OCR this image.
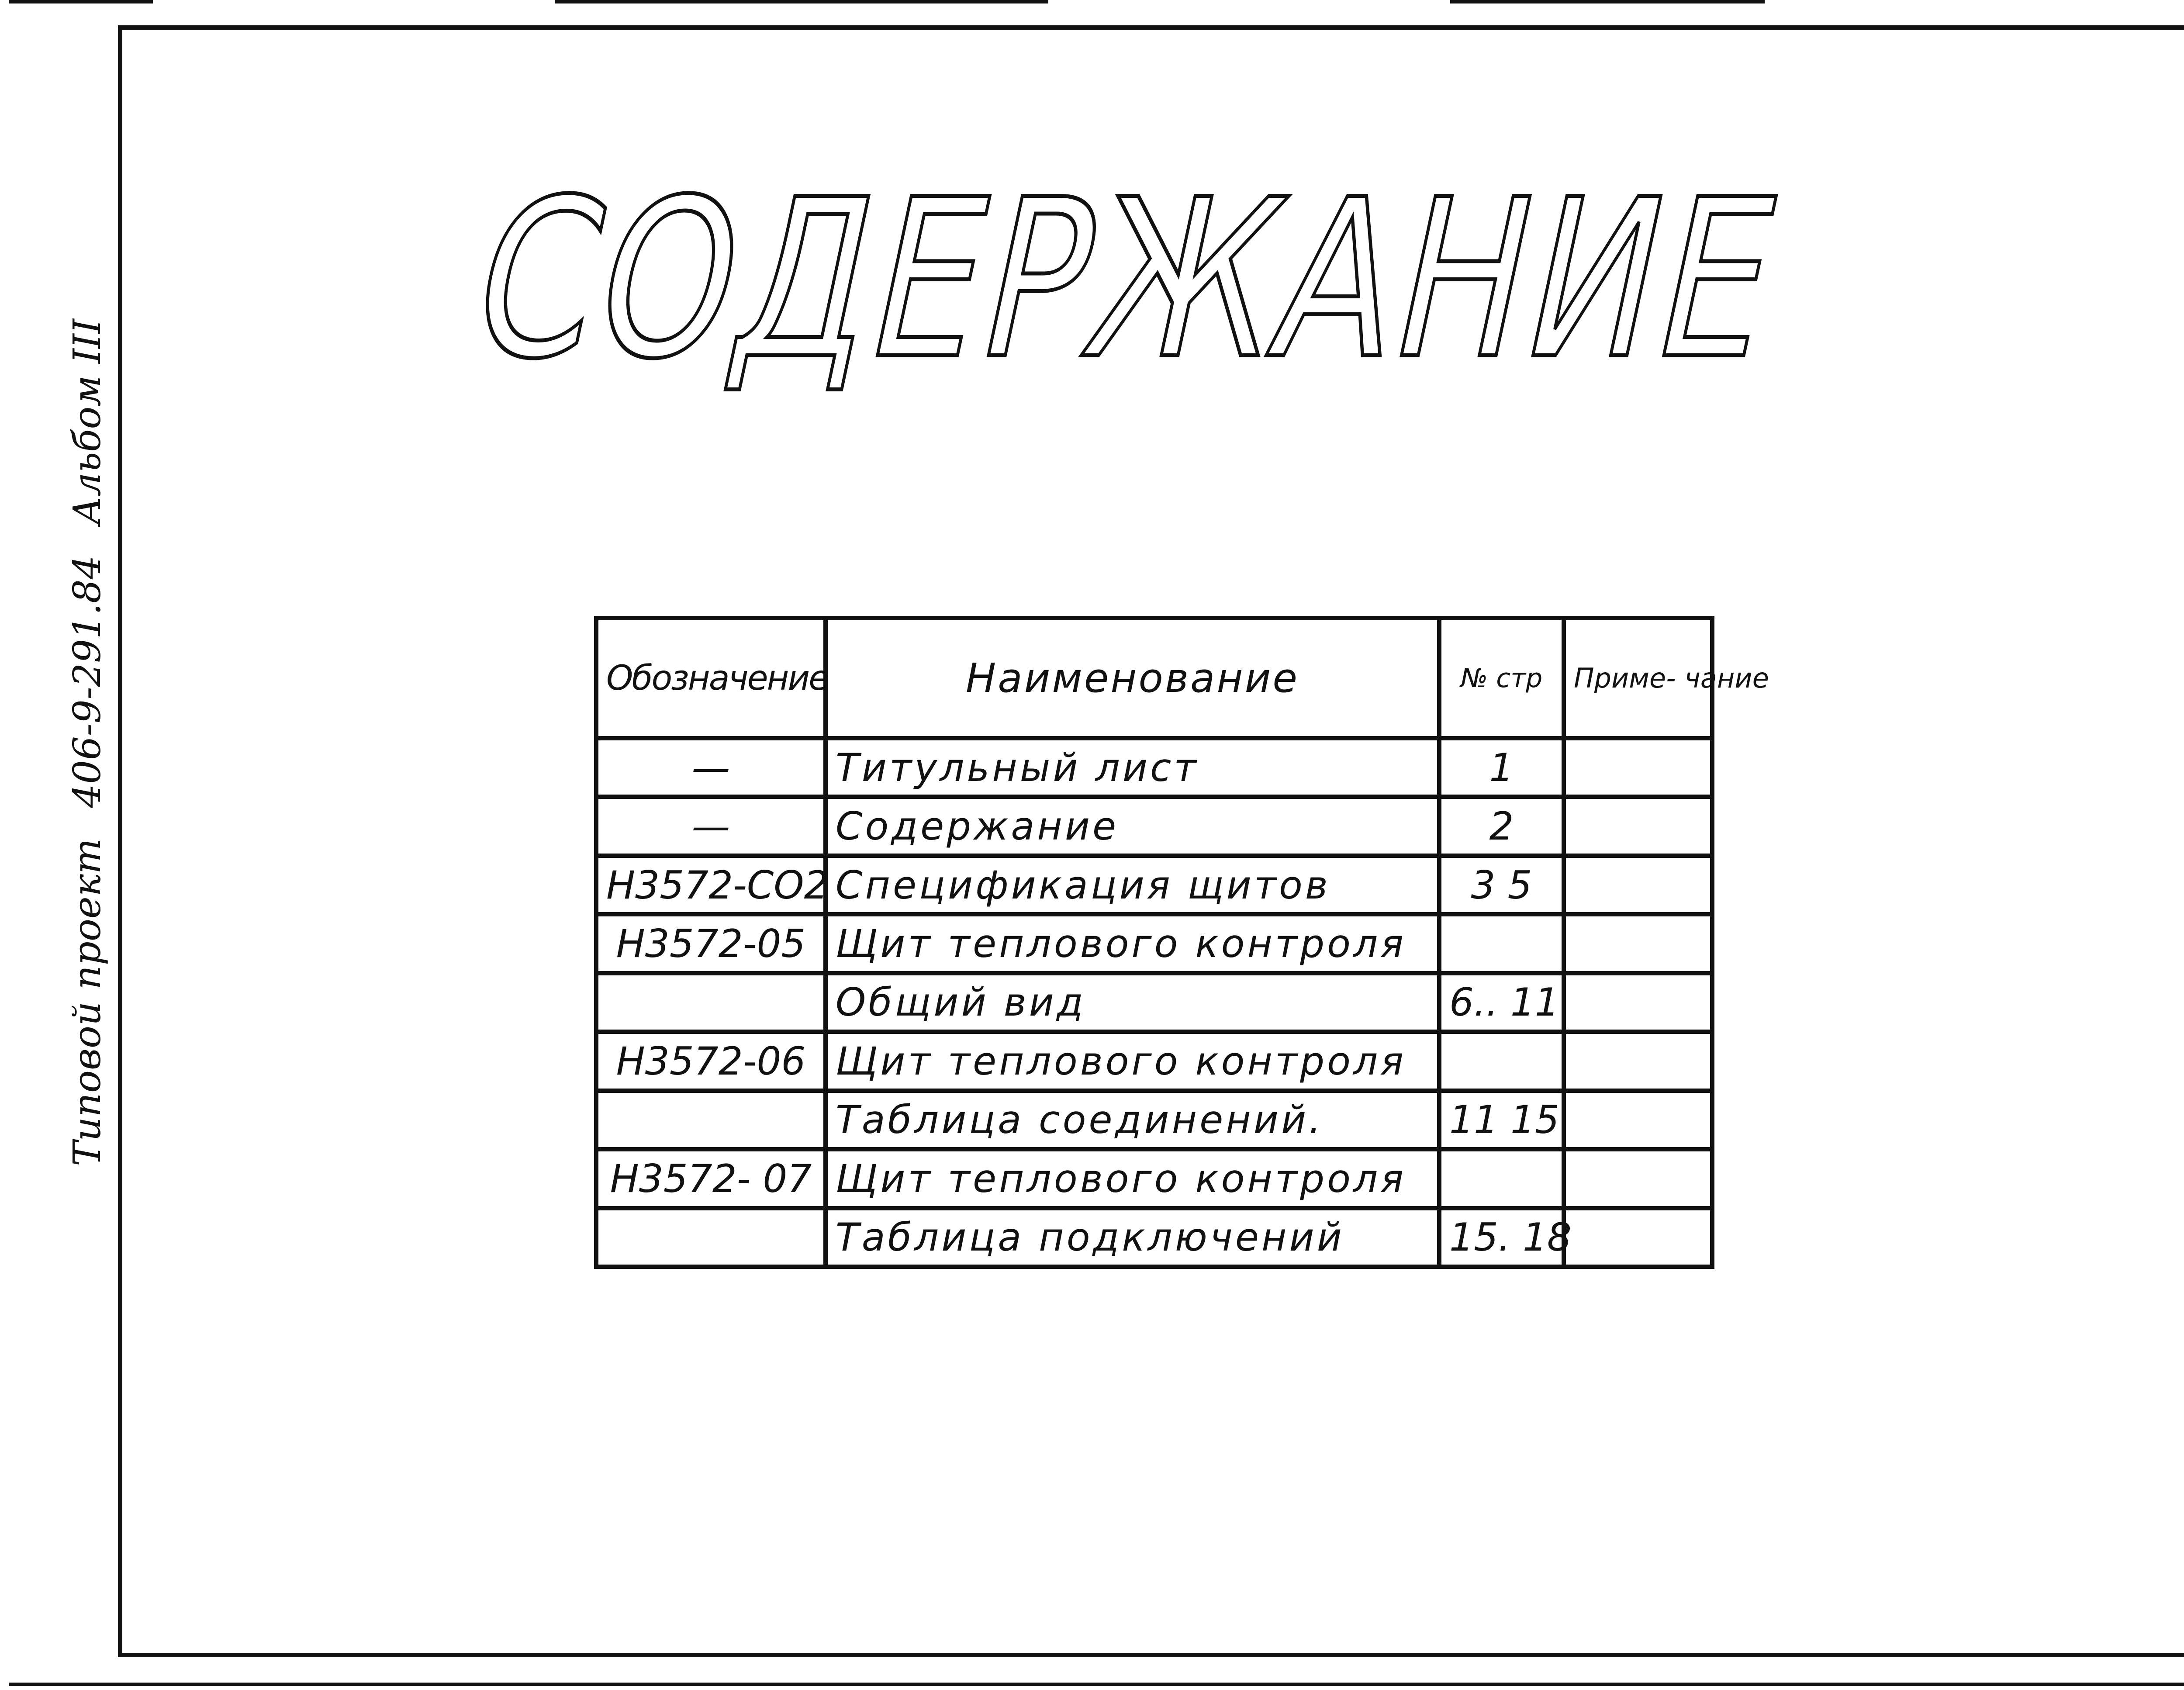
Типовой проект
406-9-291.84
Альбом III
СОДЕРЖАНИЕ
Обозначение	Наименование	№ стр	Приме- чание
—	Титульный лист	1	
—	Содержание	2	
Н3572-СО2	Спецификация щитов	3 5	
Н3572-05	Щит теплового контроля		
	Общий вид	6.. 11	
Н3572-06	Щит теплового контроля		
	Таблица соединений.	11 15	
Н3572- 07	Щит теплового контроля		
	Таблица подключений	15. 18	
